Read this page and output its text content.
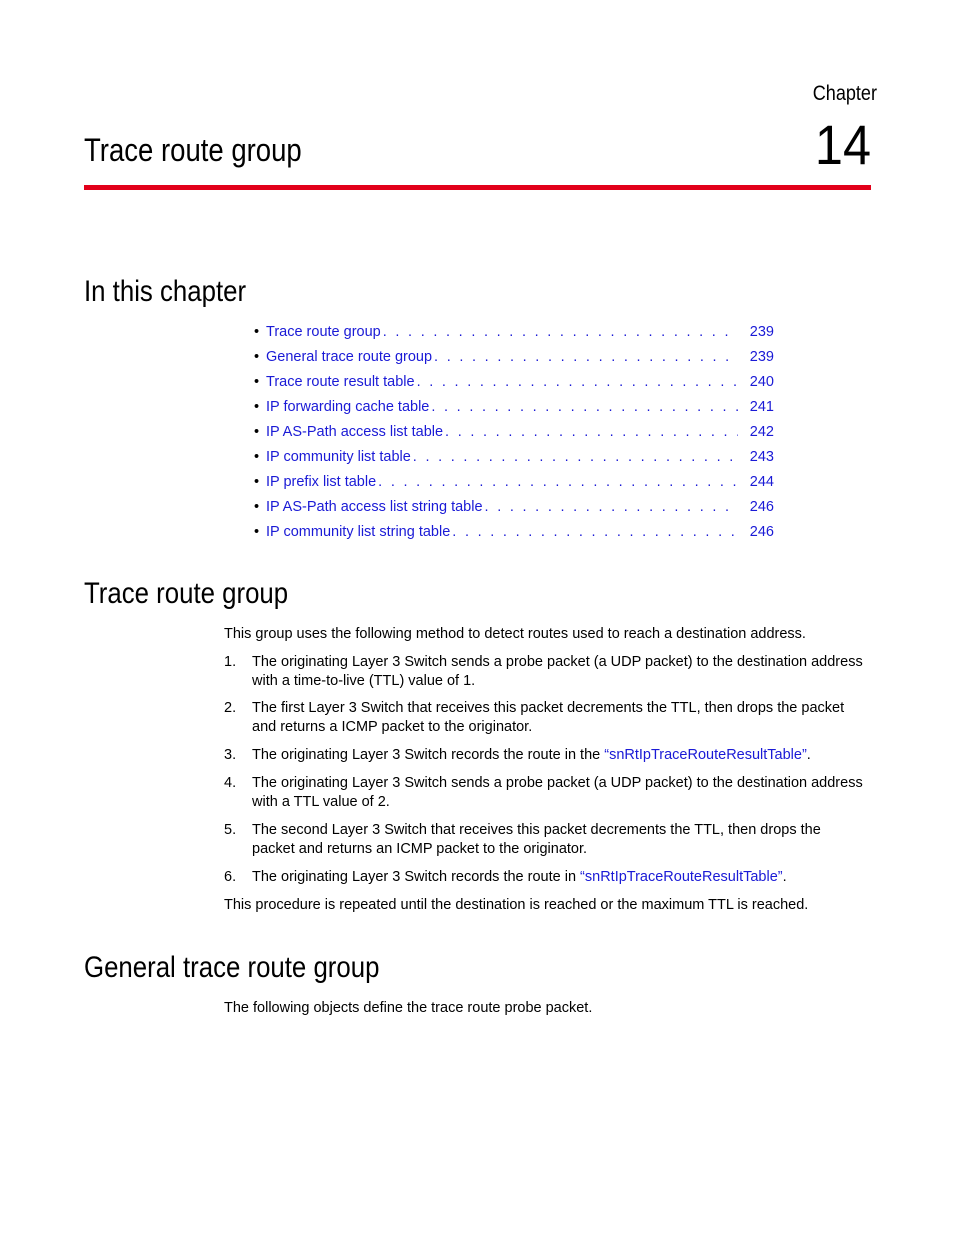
Chapter
14
Trace route group
In this chapter
• Trace route group . . .	239
• General trace route group . . .	239
• Trace route result table . . .	240
• IP forwarding cache table . . .	241
• IP AS-Path access list table . . .	242
• IP community list table . . .	243
• IP prefix list table . . .	244
• IP AS-Path access list string table . . .	246
• IP community list string table . . .	246
Trace route group

This group uses the following method to detect routes used to reach a destination address.

1. The originating Layer 3 Switch sends a probe packet (a UDP packet) to the destination address
with a time-to-live (TTL) value of 1.
2. The first Layer 3 Switch that receives this packet decrements the TTL, then drops the packet
and returns a ICMP packet to the originator.
3. The originating Layer 3 Switch records the route in the “snRtIpTraceRouteResultTable”.
4. The originating Layer 3 Switch sends a probe packet (a UDP packet) to the destination address
with a TTL value of 2.
5. The second Layer 3 Switch that receives this packet decrements the TTL, then drops the
packet and returns an ICMP packet to the originator.
6. The originating Layer 3 Switch records the route in “snRtIpTraceRouteResultTable”.

This procedure is repeated until the destination is reached or the maximum TTL is reached.

General trace route group

The following objects define the trace route probe packet.
